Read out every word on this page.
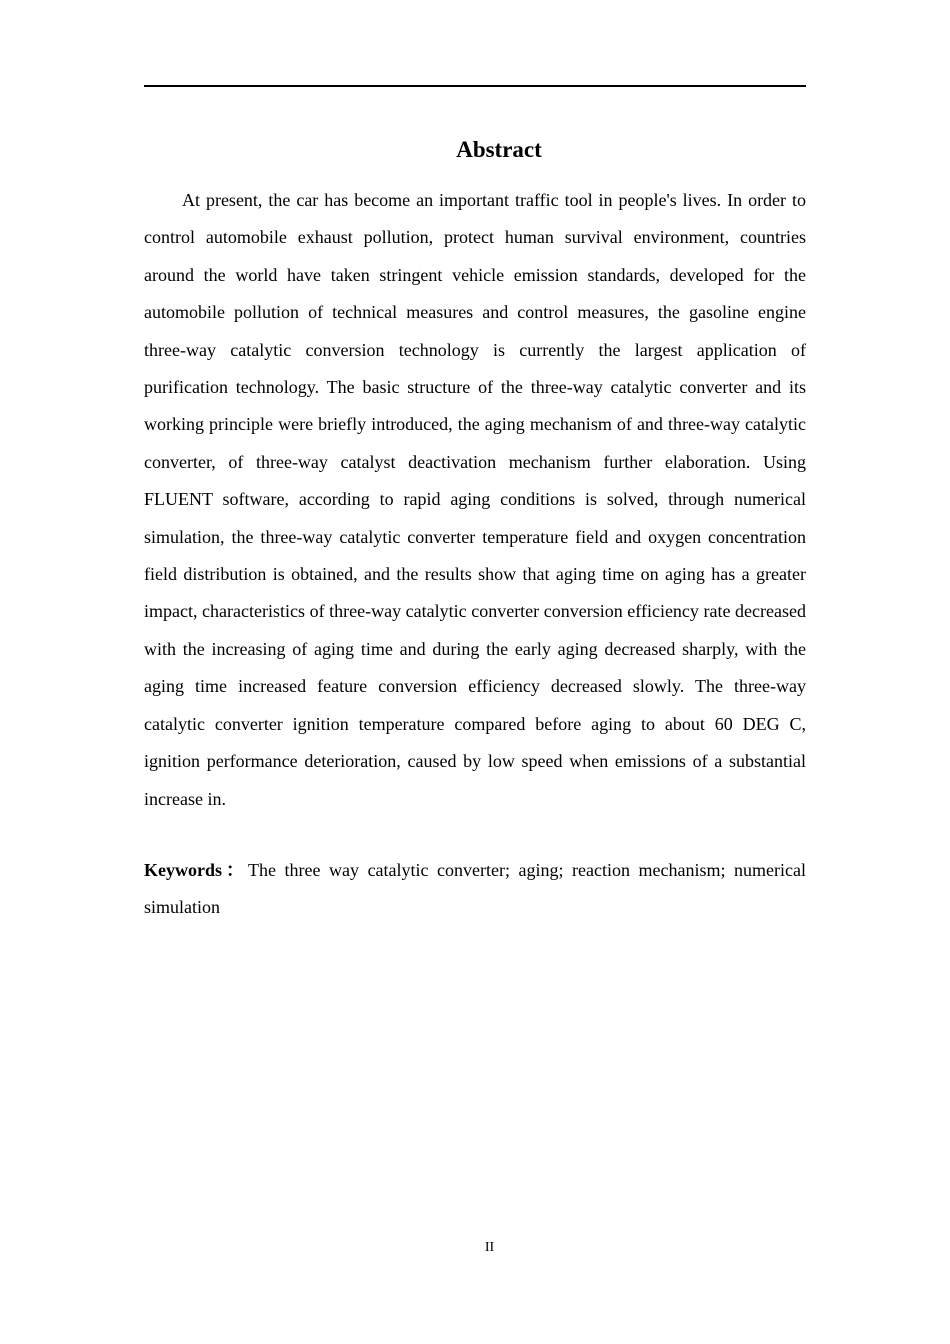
Abstract

At present, the car has become an important traffic tool in people's lives. In order to control automobile exhaust pollution, protect human survival environment, countries around the world have taken stringent vehicle emission standards, developed for the automobile pollution of technical measures and control measures, the gasoline engine three-way catalytic conversion technology is currently the largest application of purification technology. The basic structure of the three-way catalytic converter and its working principle were briefly introduced, the aging mechanism of and three-way catalytic converter, of three-way catalyst deactivation mechanism further elaboration. Using FLUENT software, according to rapid aging conditions is solved, through numerical simulation, the three-way catalytic converter temperature field and oxygen concentration field distribution is obtained, and the results show that aging time on aging has a greater impact, characteristics of three-way catalytic converter conversion efficiency rate decreased with the increasing of aging time and during the early aging decreased sharply, with the aging time increased feature conversion efficiency decreased slowly. The three-way catalytic converter ignition temperature compared before aging to about 60 DEG C, ignition performance deterioration, caused by low speed when emissions of a substantial increase in.

Keywords：The three way catalytic converter; aging; reaction mechanism; numerical simulation

II
